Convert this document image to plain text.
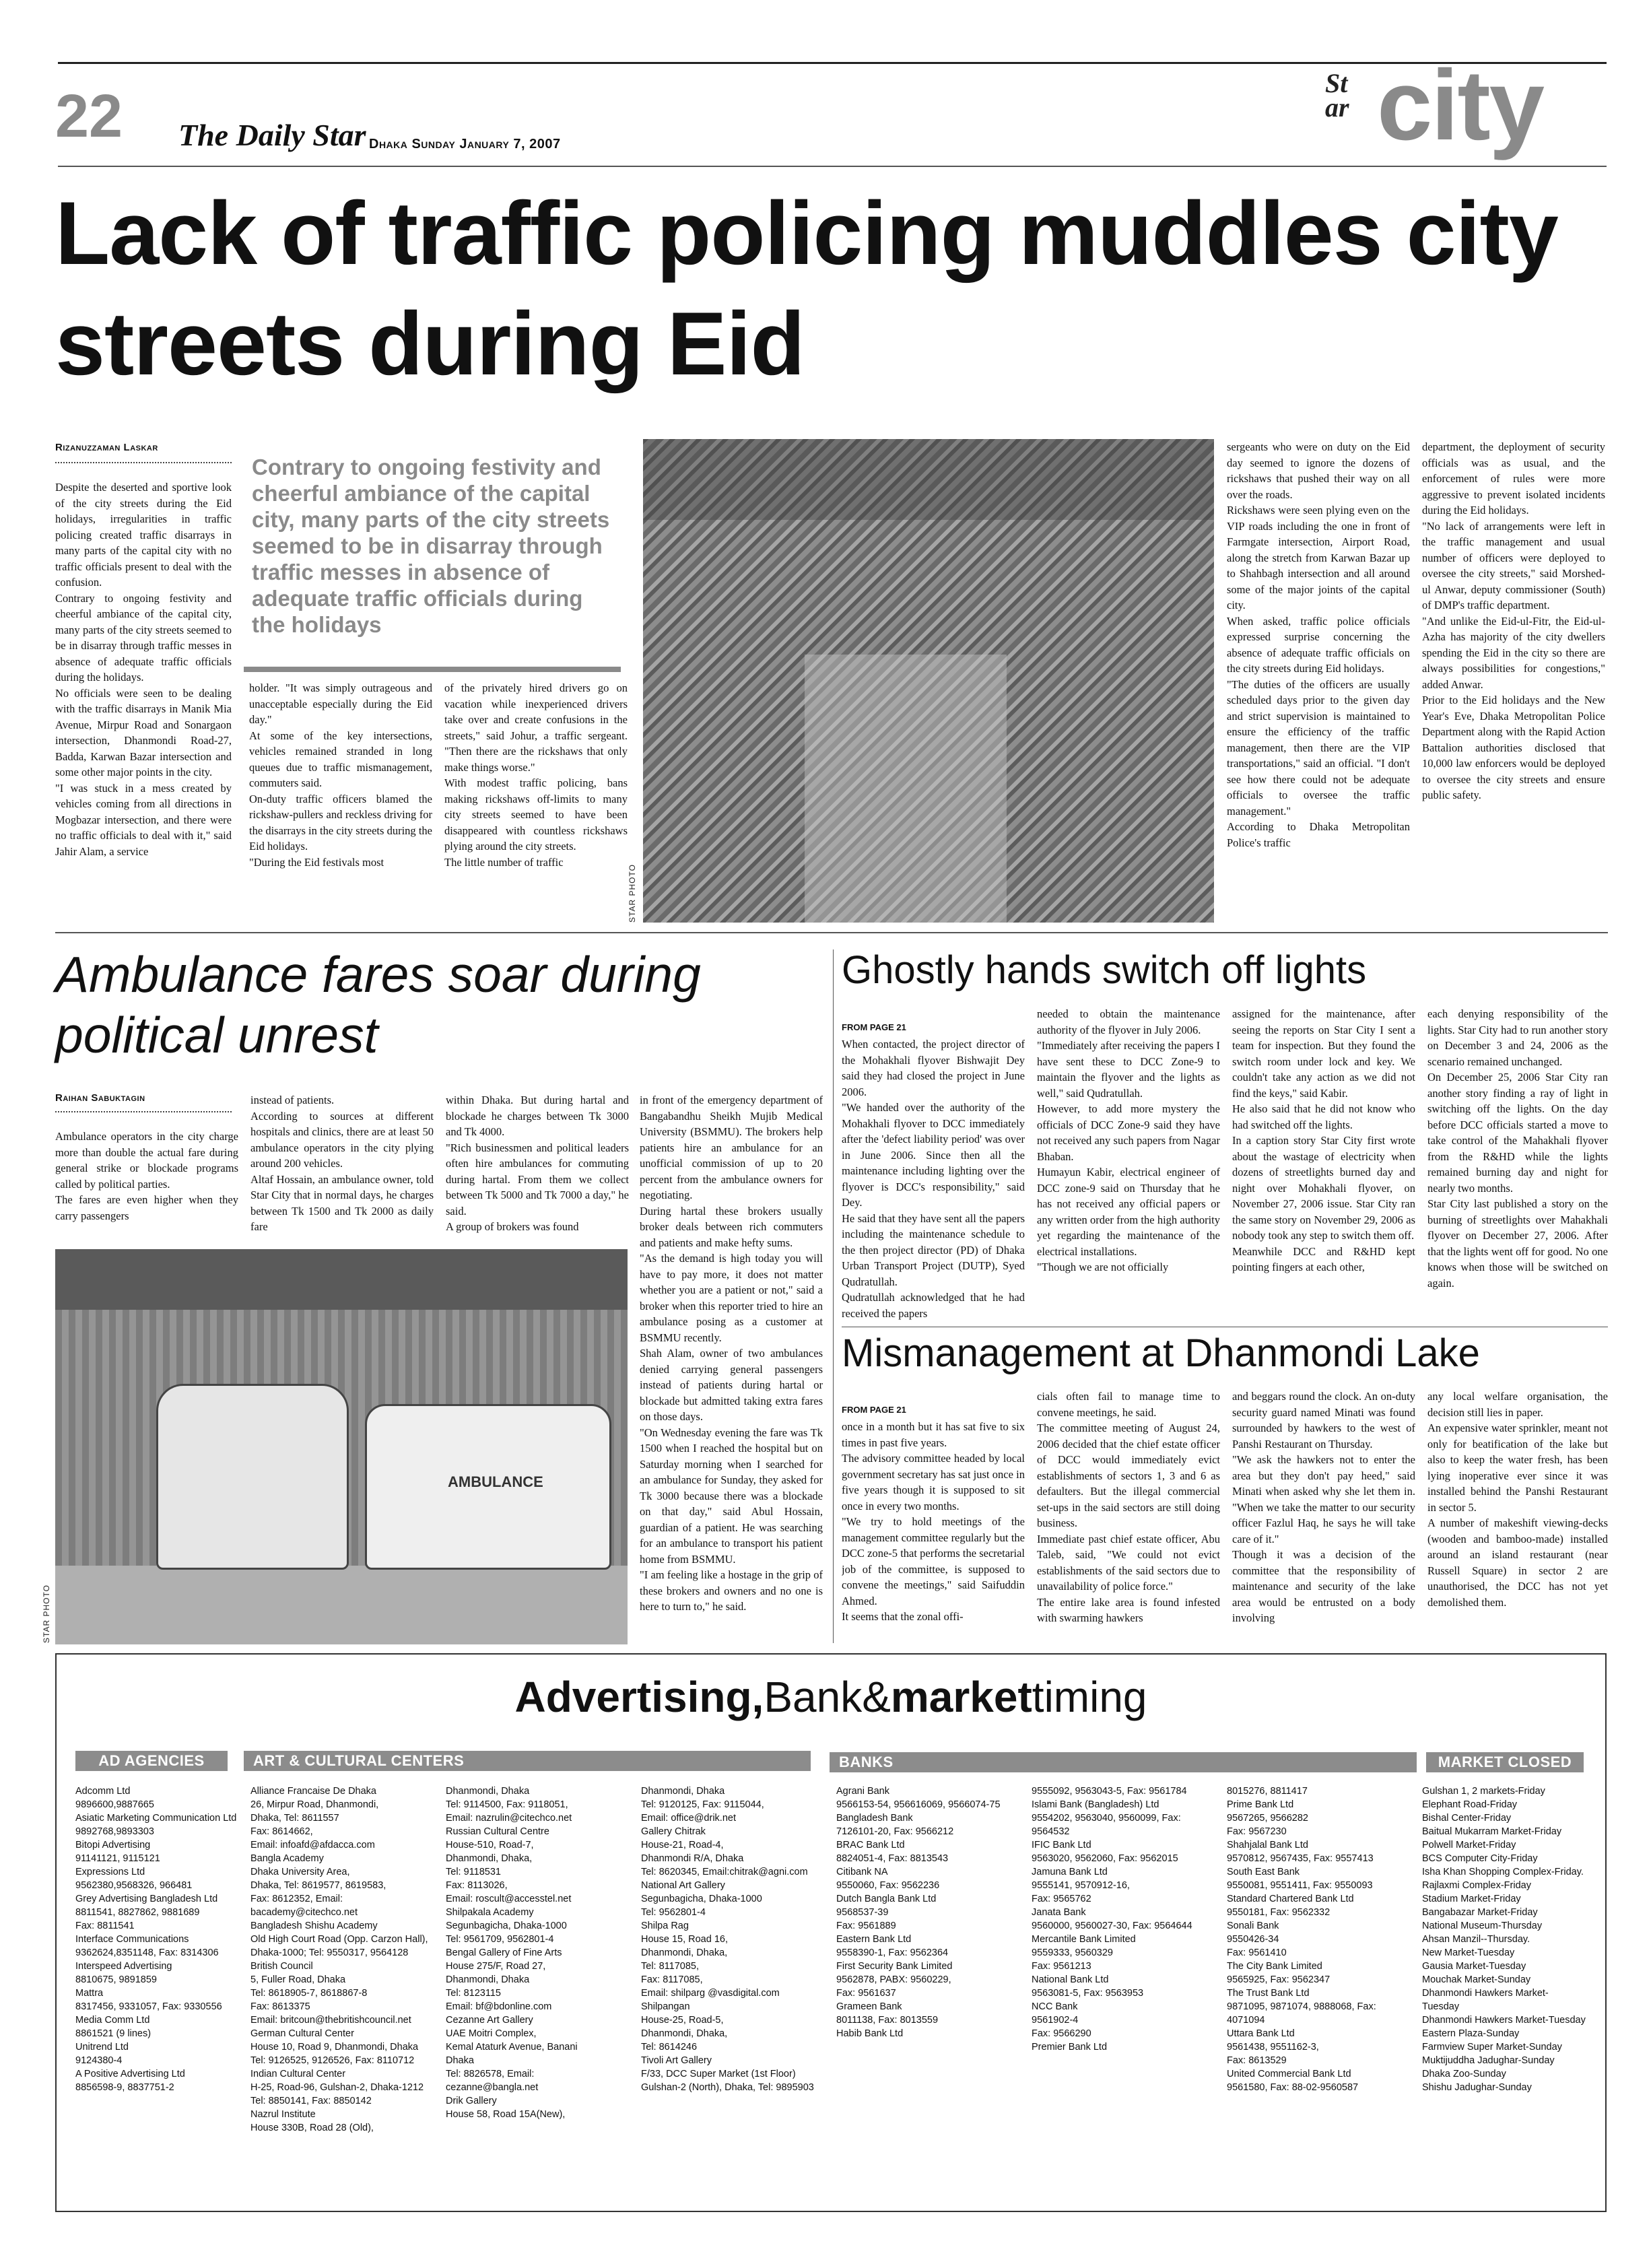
22 The Daily Star Dhaka Sunday January 7, 2007
Star city
Lack of traffic policing muddles city streets during Eid
Rizanuzzaman Laskar
Despite the deserted and sportive look of the city streets during the Eid holidays, irregularities in traffic policing created traffic disarrays in many parts of the capital city with no traffic officials present to deal with the confusion.
Contrary to ongoing festivity and cheerful ambiance of the capital city, many parts of the city streets seemed to be in disarray through traffic messes in absence of adequate traffic officials during the holidays.
No officials were seen to be dealing with the traffic disarrays in Manik Mia Avenue, Mirpur Road and Sonargaon intersection, Dhanmondi Road-27, Badda, Karwan Bazar intersection and some other major points in the city.
"I was stuck in a mess created by vehicles coming from all directions in Mogbazar intersection, and there were no traffic officials to deal with it," said Jahir Alam, a service
Contrary to ongoing festivity and cheerful ambiance of the capital city, many parts of the city streets seemed to be in disarray through traffic messes in absence of adequate traffic officials during the holidays
holder. "It was simply outrageous and unacceptable especially during the Eid day."
At some of the key intersections, vehicles remained stranded in long queues due to traffic mismanagement, commuters said.
On-duty traffic officers blamed the rickshaw-pullers and reckless driving for the disarrays in the city streets during the Eid holidays.
"During the Eid festivals most
of the privately hired drivers go on vacation while inexperienced drivers take over and create confusions in the streets," said Johur, a traffic sergeant. "Then there are the rickshaws that only make things worse."
With modest traffic policing, bans making rickshaws off-limits to many city streets seemed to have been disappeared with countless rickshaws plying around the city streets.
The little number of traffic
STAR PHOTO
sergeants who were on duty on the Eid day seemed to ignore the dozens of rickshaws that pushed their way on all over the roads.
Rickshaws were seen plying even on the VIP roads including the one in front of Farmgate intersection, Airport Road, along the stretch from Karwan Bazar up to Shahbagh intersection and all around some of the major joints of the capital city.
When asked, traffic police officials expressed surprise concerning the absence of adequate traffic officials on the city streets during Eid holidays.
"The duties of the officers are usually scheduled days prior to the given day and strict supervision is maintained to ensure the efficiency of the traffic management, then there are the VIP transportations," said an official. "I don't see how there could not be adequate officials to oversee the traffic management."
According to Dhaka Metropolitan Police's traffic
department, the deployment of security officials was as usual, and the enforcement of rules were more aggressive to prevent isolated incidents during the Eid holidays.
"No lack of arrangements were left in the traffic management and usual number of officers were deployed to oversee the city streets," said Morshed-ul Anwar, deputy commissioner (South) of DMP's traffic department.
"And unlike the Eid-ul-Fitr, the Eid-ul-Azha has majority of the city dwellers spending the Eid in the city so there are always possibilities for congestions," added Anwar.
Prior to the Eid holidays and the New Year's Eve, Dhaka Metropolitan Police Department along with the Rapid Action Battalion authorities disclosed that 10,000 law enforcers would be deployed to oversee the city streets and ensure public safety.
Ambulance fares soar during political unrest
Raihan Sabuktagin
Ambulance operators in the city charge more than double the actual fare during general strike or blockade programs called by political parties.
The fares are even higher when they carry passengers
instead of patients.
According to sources at different hospitals and clinics, there are at least 50 ambulance operators in the city plying around 200 vehicles.
Altaf Hossain, an ambulance owner, told Star City that in normal days, he charges between Tk 1500 and Tk 2000 as daily fare
within Dhaka. But during hartal and blockade he charges between Tk 3000 and Tk 4000.
"Rich businessmen and political leaders often hire ambulances for commuting during hartal. From them we collect between Tk 5000 and Tk 7000 a day," he said.
A group of brokers was found
AMBULANCE
STAR PHOTO
in front of the emergency department of Bangabandhu Sheikh Mujib Medical University (BSMMU). The brokers help patients hire an ambulance for an unofficial commission of up to 20 percent from the ambulance owners for negotiating.
During hartal these brokers usually broker deals between rich commuters and patients and make hefty sums.
"As the demand is high today you will have to pay more, it does not matter whether you are a patient or not," said a broker when this reporter tried to hire an ambulance posing as a customer at BSMMU recently.
Shah Alam, owner of two ambulances denied carrying general passengers instead of patients during hartal or blockade but admitted taking extra fares on those days.
"On Wednesday evening the fare was Tk 1500 when I reached the hospital but on Saturday morning when I searched for an ambulance for Sunday, they asked for Tk 3000 because there was a blockade on that day," said Abul Hossain, guardian of a patient. He was searching for an ambulance to transport his patient home from BSMMU.
"I am feeling like a hostage in the grip of these brokers and owners and no one is here to turn to," he said.
Ghostly hands switch off lights

FROM PAGE 21
When contacted, the project director of the Mohakhali flyover Bishwajit Dey said they had closed the project in June 2006.
"We handed over the authority of the Mohakhali flyover to DCC immediately after the 'defect liability period' was over in June 2006. Since then all the maintenance including lighting over the flyover is DCC's responsibility," said Dey.
He said that they have sent all the papers including the maintenance schedule to the then project director (PD) of Dhaka Urban Transport Project (DUTP), Syed Qudratullah.
Qudratullah acknowledged that he had received the papers

needed to obtain the maintenance authority of the flyover in July 2006.
"Immediately after receiving the papers I have sent these to DCC Zone-9 to maintain the flyover and the lights as well," said Qudratullah.
However, to add more mystery the officials of DCC Zone-9 said they have not received any such papers from Nagar Bhaban.
Humayun Kabir, electrical engineer of DCC zone-9 said on Thursday that he has not received any official papers or any written order from the high authority yet regarding the maintenance of the electrical installations.
"Though we are not officially
assigned for the maintenance, after seeing the reports on Star City I sent a team for inspection. But they found the switch room under lock and key. We couldn't take any action as we did not find the keys," said Kabir.
He also said that he did not know who had switched off the lights.
In a caption story Star City first wrote about the wastage of electricity when dozens of streetlights burned day and night over Mohakhali flyover, on November 27, 2006 issue. Star City ran the same story on November 29, 2006 as nobody took any step to switch them off.
Meanwhile DCC and R&HD kept pointing fingers at each other,
each denying responsibility of the lights. Star City had to run another story on December 3 and 24, 2006 as the scenario remained unchanged.
On December 25, 2006 Star City ran another story finding a ray of light in switching off the lights. On the day before DCC officials started a move to take control of the Mahakhali flyover from the R&HD while the lights remained burning day and night for nearly two months.
Star City last published a story on the burning of streetlights over Mahakhali flyover on December 27, 2006. After that the lights went off for good. No one knows when those will be switched on again.
Mismanagement at Dhanmondi Lake

FROM PAGE 21
once in a month but it has sat five to six times in past five years.
The advisory committee headed by local government secretary has sat just once in five years though it is supposed to sit once in every two months.
"We try to hold meetings of the management committee regularly but the DCC zone-5 that performs the secretarial job of the committee, is supposed to convene the meetings," said Saifuddin Ahmed.
It seems that the zonal offi-

cials often fail to manage time to convene meetings, he said.
The committee meeting of August 24, 2006 decided that the chief estate officer of DCC would immediately evict establishments of sectors 1, 3 and 6 as defaulters. But the illegal commercial set-ups in the said sectors are still doing business.
Immediate past chief estate officer, Abu Taleb, said, "We could not evict establishments of the said sectors due to unavailability of police force."
The entire lake area is found infested with swarming hawkers
and beggars round the clock. An on-duty security guard named Minati was found surrounded by hawkers to the west of Panshi Restaurant on Thursday.
"We ask the hawkers not to enter the area but they don't pay heed," said Minati when asked why she let them in. "When we take the matter to our security officer Fazlul Haq, he says he will take care of it."
Though it was a decision of the committee that the responsibility of maintenance and security of the lake area would be entrusted on a body involving
any local welfare organisation, the decision still lies in paper.
An expensive water sprinkler, meant not only for beatification of the lake but also to keep the water fresh, has been lying inoperative ever since it was installed behind the Panshi Restaurant in sector 5.
A number of makeshift viewing-decks (wooden and bamboo-made) installed around an island restaurant (near Russell Square) in sector 2 are unauthorised, the DCC has not yet demolished them.
Advertising,Bank&markettiming
AD AGENCIES	ART & CULTURAL CENTERS	BANKS	MARKET CLOSED
Adcomm Ltd
9896600,9887665
Asiatic Marketing Communication Ltd
9892768,9893303
Bitopi Advertising
91141121, 9115121
Expressions Ltd
9562380,9568326, 966481
Grey Advertising Bangladesh Ltd
8811541, 8827862, 9881689
Fax: 8811541
Interface Communications
9362624,8351148, Fax: 8314306
Interspeed Advertising
8810675, 9891859
Mattra
8317456, 9331057, Fax: 9330556
Media Comm Ltd
8861521 (9 lines)
Unitrend Ltd
9124380-4
A Positive Advertising Ltd
8856598-9, 8837751-2
Alliance Francaise De Dhaka
26, Mirpur Road, Dhanmondi,
Dhaka, Tel: 8611557
Fax: 8614662,
Email: infoafd@afdacca.com
Bangla Academy
Dhaka University Area,
Dhaka, Tel: 8619577, 8619583,
Fax: 8612352, Email:
bacademy@citechco.net
Bangladesh Shishu Academy
Old High Court Road (Opp. Carzon Hall),
Dhaka-1000; Tel: 9550317, 9564128
British Council
5, Fuller Road, Dhaka
Tel: 8618905-7, 8618867-8
Fax: 8613375
Email: britcoun@thebritishcouncil.net
German Cultural Center
House 10, Road 9, Dhanmondi, Dhaka
Tel: 9126525, 9126526, Fax: 8110712
Indian Cultural Center
H-25, Road-96, Gulshan-2, Dhaka-1212
Tel: 8850141, Fax: 8850142
Nazrul Institute
House 330B, Road 28 (Old),
Dhanmondi, Dhaka
Tel: 9114500, Fax: 9118051,
Email: nazrulin@citechco.net
Russian Cultural Centre
House-510, Road-7,
Dhanmondi, Dhaka,
Tel: 9118531
Fax: 8113026,
Email: roscult@accesstel.net
Shilpakala Academy
Segunbagicha, Dhaka-1000
Tel: 9561709, 9562801-4
Bengal Gallery of Fine Arts
House 275/F, Road 27,
Dhanmondi, Dhaka
Tel: 8123115
Email: bf@bdonline.com
Cezanne Art Gallery
UAE Moitri Complex,
Kemal Ataturk Avenue, Banani
Dhaka
Tel: 8826578, Email:
cezanne@bangla.net
Drik Gallery
House 58, Road 15A(New),
Dhanmondi, Dhaka
Tel: 9120125, Fax: 9115044,
Email: office@drik.net
Gallery Chitrak
House-21, Road-4,
Dhanmondi R/A, Dhaka
Tel: 8620345, Email:chitrak@agni.com
National Art Gallery
Segunbagicha, Dhaka-1000
Tel: 9562801-4
Shilpa Rag
House 15, Road 16,
Dhanmondi, Dhaka,
Tel: 8117085,
Fax: 8117085,
Email: shilparg @vasdigital.com
Shilpangan
House-25, Road-5,
Dhanmondi, Dhaka,
Tel: 8614246
Tivoli Art Gallery
F/33, DCC Super Market (1st Floor)
Gulshan-2 (North), Dhaka, Tel: 9895903
Agrani Bank
9566153-54, 956616069, 9566074-75
Bangladesh Bank
7126101-20, Fax: 9566212
BRAC Bank Ltd
8824051-4, Fax: 8813543
Citibank NA
9550060, Fax: 9562236
Dutch Bangla Bank Ltd
9568537-39
Fax: 9561889
Eastern Bank Ltd
9558390-1, Fax: 9562364
First Security Bank Limited
9562878, PABX: 9560229,
Fax: 9561637
Grameen Bank
8011138, Fax: 8013559
Habib Bank Ltd
9555092, 9563043-5, Fax: 9561784
Islami Bank (Bangladesh) Ltd
9554202, 9563040, 9560099, Fax:
9564532
IFIC Bank Ltd
9563020, 9562060, Fax: 9562015
Jamuna Bank Ltd
9555141, 9570912-16,
Fax: 9565762
Janata Bank
9560000, 9560027-30, Fax: 9564644
Mercantile Bank Limited
9559333, 9560329
Fax: 9561213
National Bank Ltd
9563081-5, Fax: 9563953
NCC Bank
9561902-4
Fax: 9566290
Premier Bank Ltd
8015276, 8811417
Prime Bank Ltd
9567265, 9566282
Fax: 9567230
Shahjalal Bank Ltd
9570812, 9567435, Fax: 9557413
South East Bank
9550081, 9551411, Fax: 9550093
Standard Chartered Bank Ltd
9550181, Fax: 9562332
Sonali Bank
9550426-34
Fax: 9561410
The City Bank Limited
9565925, Fax: 9562347
The Trust Bank Ltd
9871095, 9871074, 9888068, Fax:
4071094
Uttara Bank Ltd
9561438, 9551162-3,
Fax: 8613529
United Commercial Bank Ltd
9561580, Fax: 88-02-9560587
Gulshan 1, 2 markets-Friday
Elephant Road-Friday
Bishal Center-Friday
Baitual Mukarram Market-Friday
Polwell Market-Friday
BCS Computer City-Friday
Isha Khan Shopping Complex-Friday.
Rajlaxmi Complex-Friday
Stadium Market-Friday
Bangabazar Market-Friday
National Museum-Thursday
Ahsan Manzil--Thursday.
New Market-Tuesday
Gausia Market-Tuesday
Mouchak Market-Sunday
Dhanmondi Hawkers Market-
Tuesday
Dhanmondi Hawkers Market-Tuesday
Eastern Plaza-Sunday
Farmview Super Market-Sunday
Muktijuddha Jadughar-Sunday
Dhaka Zoo-Sunday
Shishu Jadughar-Sunday
